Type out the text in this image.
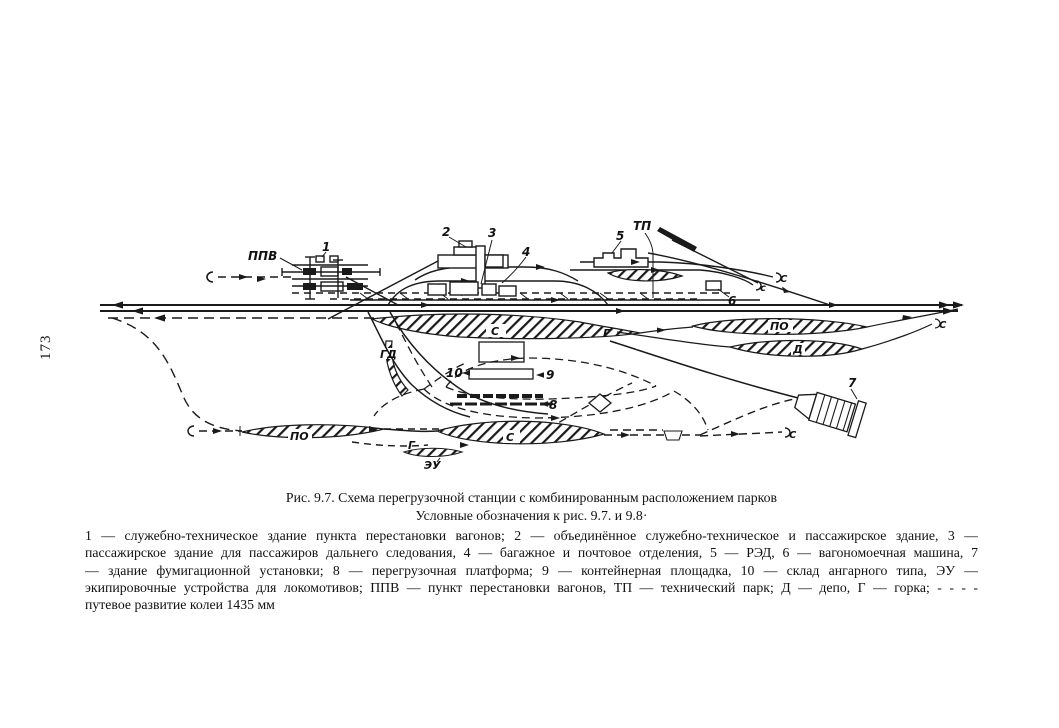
173
ППВ
1
2	3
4
5
ТП
6
С
с
С	Г
ПО
Д
С
ГД
10	9
8
ПО
Г
С
ЭУ
С
7
Рис. 9.7. Схема перегрузочной станции с комбинированным расположением парков
Условные обозначения к рис. 9.7. и 9.8·
1 — служебно-техническое здание пункта перестановки вагонов; 2 — объединённое служебно-техническое и пассажирское здание, 3 —
пассажирское здание для пассажиров дальнего следования, 4 — багажное и почтовое отделения, 5 — РЭД, 6 — вагономоечная машина, 7
— здание фумигационной установки; 8 — перегрузочная платформа; 9 — контейнерная площадка, 10 — склад ангарного типа, ЭУ —
экипировочные устройства для локомотивов; ППВ — пункт перестановки вагонов, ТП — технический парк; Д — депо, Г — горка; - - - -
путевое развитие колеи 1435 мм
